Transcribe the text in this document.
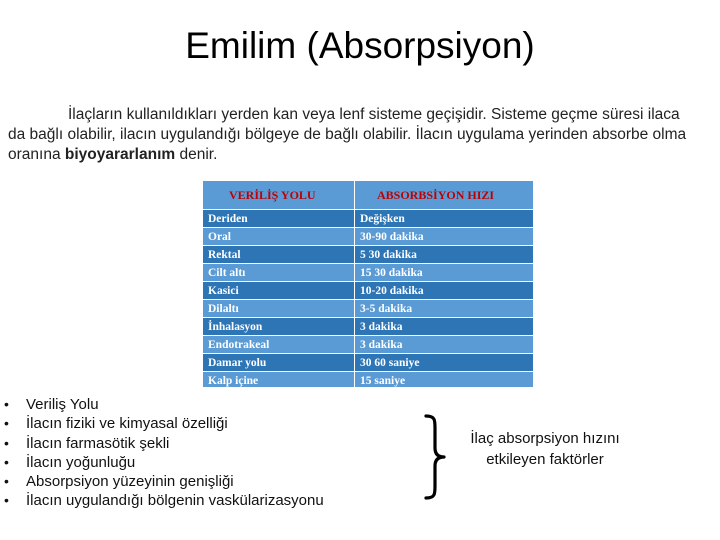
Emilim (Absorpsiyon)
İlaçların kullanıldıkları yerden kan veya lenf sisteme geçişidir. Sisteme geçme süresi ilaca da bağlı olabilir, ilacın uygulandığı bölgeye de bağlı olabilir. İlacın uygulama yerinden absorbe olma oranına biyoyararlanım denir.
VERİLİŞ YOLU	ABSORBSİYON HIZI
Deriden	Değişken
Oral	30-90 dakika
Rektal	5 30 dakika
Cilt altı	15 30 dakika
Kasici	10-20 dakika
Dilaltı	3-5 dakika
İnhalasyon	3 dakika
Endotrakeal	3 dakika
Damar yolu	30 60 saniye
Kalp içine	15 saniye
• Veriliş Yolu
• İlacın fiziki ve kimyasal özelliği
• İlacın farmasötik şekli
• İlacın yoğunluğu
• Absorpsiyon yüzeyinin genişliği
• İlacın uygulandığı bölgenin vaskülarizasyonu
İlaç absorpsiyon hızını
etkileyen faktörler
